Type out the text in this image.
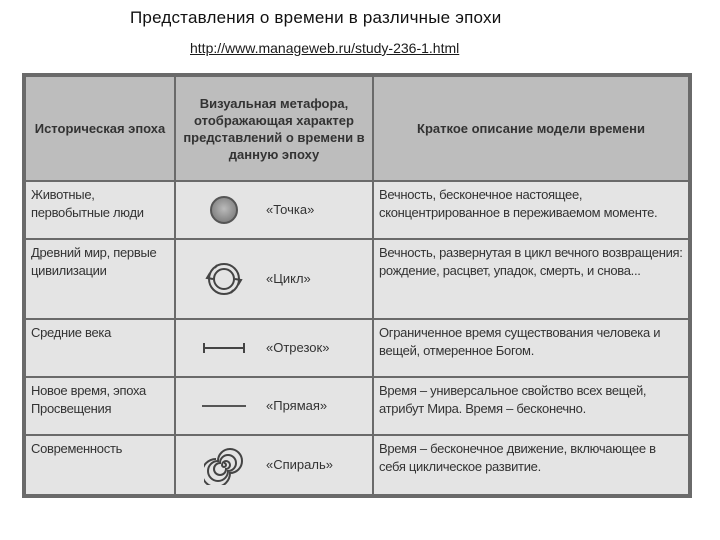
Представления о времени в различные эпохи
http://www.manageweb.ru/study-236-1.html
Историческая эпоха	Визуальная метафора, отображающая характер представлений о времени в данную эпоху	Краткое описание модели времени
Животные, первобытные люди	«Точка»	Вечность, бесконечное настоящее, сконцентрированное в переживаемом моменте.
Древний мир, первые цивилизации	«Цикл»	Вечность, развернутая в цикл вечного возвращения: рождение, расцвет, упадок, смерть, и снова...
Средние века	«Отрезок»	Ограниченное время существования человека и вещей, отмеренное Богом.
Новое время, эпоха Просвещения	«Прямая»	Время – универсальное свойство всех вещей, атрибут Мира. Время – бесконечно.
Современность	«Спираль»	Время – бесконечное движение, включающее в себя циклическое развитие.
